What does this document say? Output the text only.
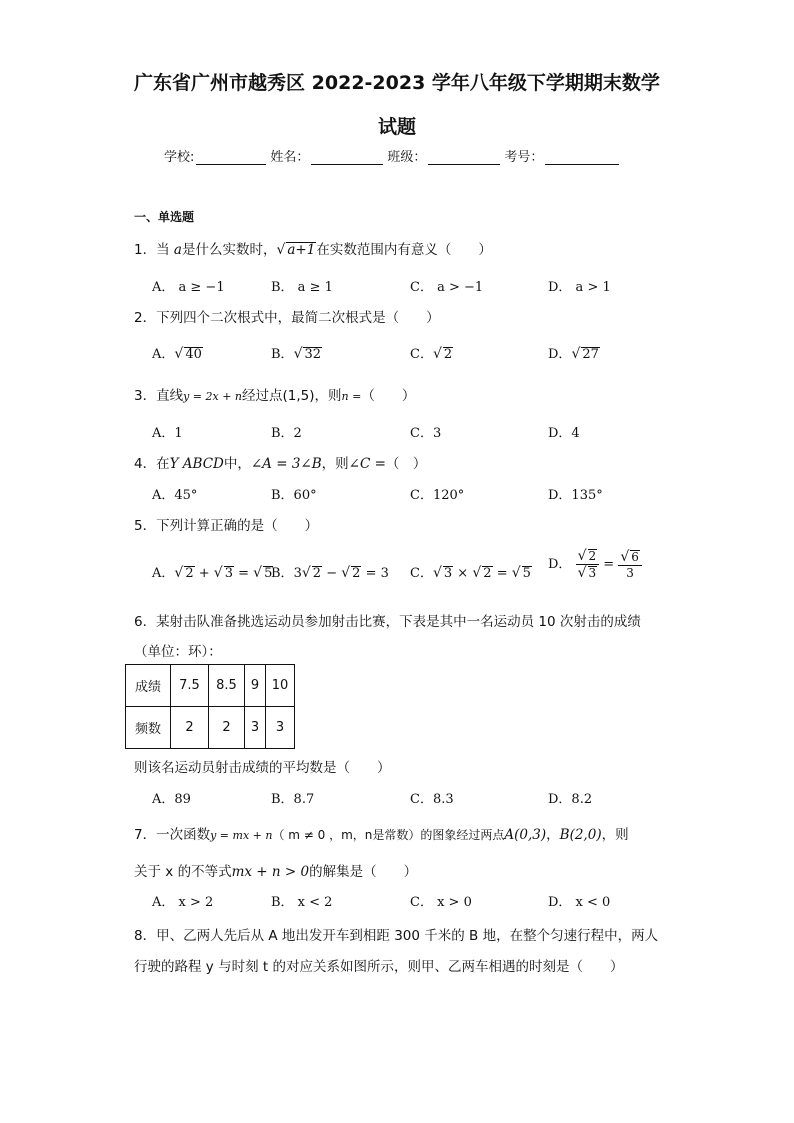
广东省广州市越秀区 2022-2023 学年八年级下学期期末数学
试题
学校:	姓名：	班级：	考号：
一、单选题
1．当 a是什么实数时，√ a+1在实数范围内有意义（　　）
A． a ≥ −1	B． a ≥ 1	C． a > −1	D． a > 1
2．下列四个二次根式中，最简二次根式是（　　）
A．√ 40	B．√ 32	C．√ 2	D．√ 27
3．直线y = 2x + n经过点(1,5)，则n =（　　）
A．1	B．2	C．3	D．4
4．在Y ABCD中，∠A = 3∠B，则∠C =（　）
A．45°	B．60°	C．120°	D．135°
5．下列计算正确的是（　　）
A．√ 2 + √ 3 = √ 5
B．3√ 2 − √ 2 = 3 C．√ 3 × √ 2 = √ 5
D． $\frac{√ 2}{√ 3} = \frac{√ 6}{3}$
6．某射击队准备挑选运动员参加射击比赛，下表是其中一名运动员 10 次射击的成绩
（单位：环）：
成绩	7.5	8.5	9	10
频数	2	2	3	3
则该名运动员射击成绩的平均数是（　　）
A．89	B．8.7	C．8.3	D．8.2
7．一次函数y = mx + n（ m ≠ 0 ，m，n是常数）的图象经过两点A(0,3)，B(2,0)，则
关于 x 的不等式mx + n > 0的解集是（　　）
A． x > 2	B． x < 2	C． x > 0	D． x < 0
8．甲、乙两人先后从 A 地出发开车到相距 300 千米的 B 地，在整个匀速行程中，两人
行驶的路程 y 与时刻 t 的对应关系如图所示，则甲、乙两车相遇的时刻是（　　）
